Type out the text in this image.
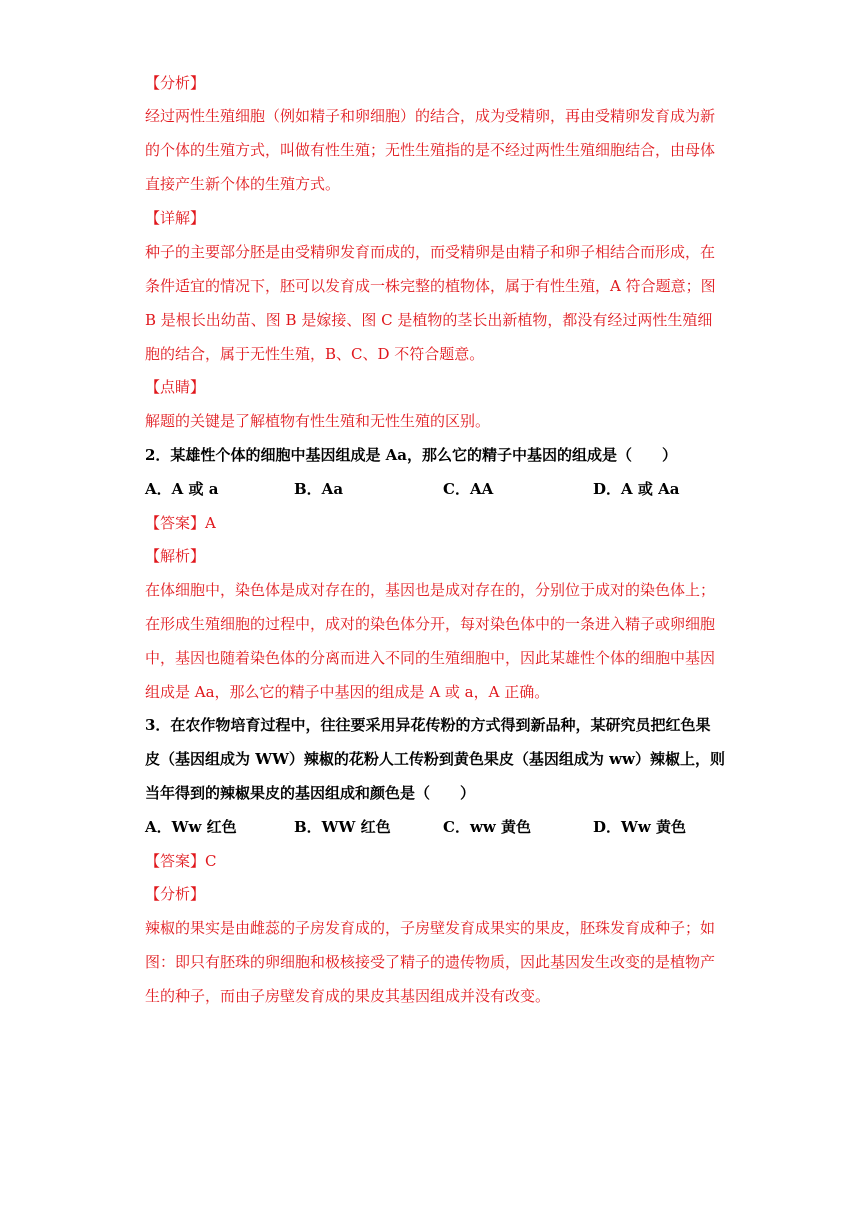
【分析】
经过两性生殖细胞（例如精子和卵细胞）的结合，成为受精卵，再由受精卵发育成为新
的个体的生殖方式，叫做有性生殖；无性生殖指的是不经过两性生殖细胞结合，由母体
直接产生新个体的生殖方式。
【详解】
种子的主要部分胚是由受精卵发育而成的，而受精卵是由精子和卵子相结合而形成，在
条件适宜的情况下，胚可以发育成一株完整的植物体，属于有性生殖，A 符合题意；图
B 是根长出幼苗、图 B 是嫁接、图 C 是植物的茎长出新植物，都没有经过两性生殖细
胞的结合，属于无性生殖，B、C、D 不符合题意。
【点睛】
解题的关键是了解植物有性生殖和无性生殖的区别。
2．某雄性个体的细胞中基因组成是 Aa，那么它的精子中基因的组成是（　　）
A．A 或 a	B．Aa	C．AA	D．A 或 Aa
【答案】A
【解析】
在体细胞中，染色体是成对存在的，基因也是成对存在的，分别位于成对的染色体上；
在形成生殖细胞的过程中，成对的染色体分开，每对染色体中的一条进入精子或卵细胞
中，基因也随着染色体的分离而进入不同的生殖细胞中，因此某雄性个体的细胞中基因
组成是 Aa，那么它的精子中基因的组成是 A 或 a，A 正确。
3．在农作物培育过程中，往往要采用异花传粉的方式得到新品种，某研究员把红色果
皮（基因组成为 WW）辣椒的花粉人工传粉到黄色果皮（基因组成为 ww）辣椒上，则
当年得到的辣椒果皮的基因组成和颜色是（　　）
A．Ww 红色	B．WW 红色	C．ww 黄色	D．Ww 黄色
【答案】C
【分析】
辣椒的果实是由雌蕊的子房发育成的，子房壁发育成果实的果皮，胚珠发育成种子；如
图：即只有胚珠的卵细胞和极核接受了精子的遗传物质，因此基因发生改变的是植物产
生的种子，而由子房壁发育成的果皮其基因组成并没有改变。
